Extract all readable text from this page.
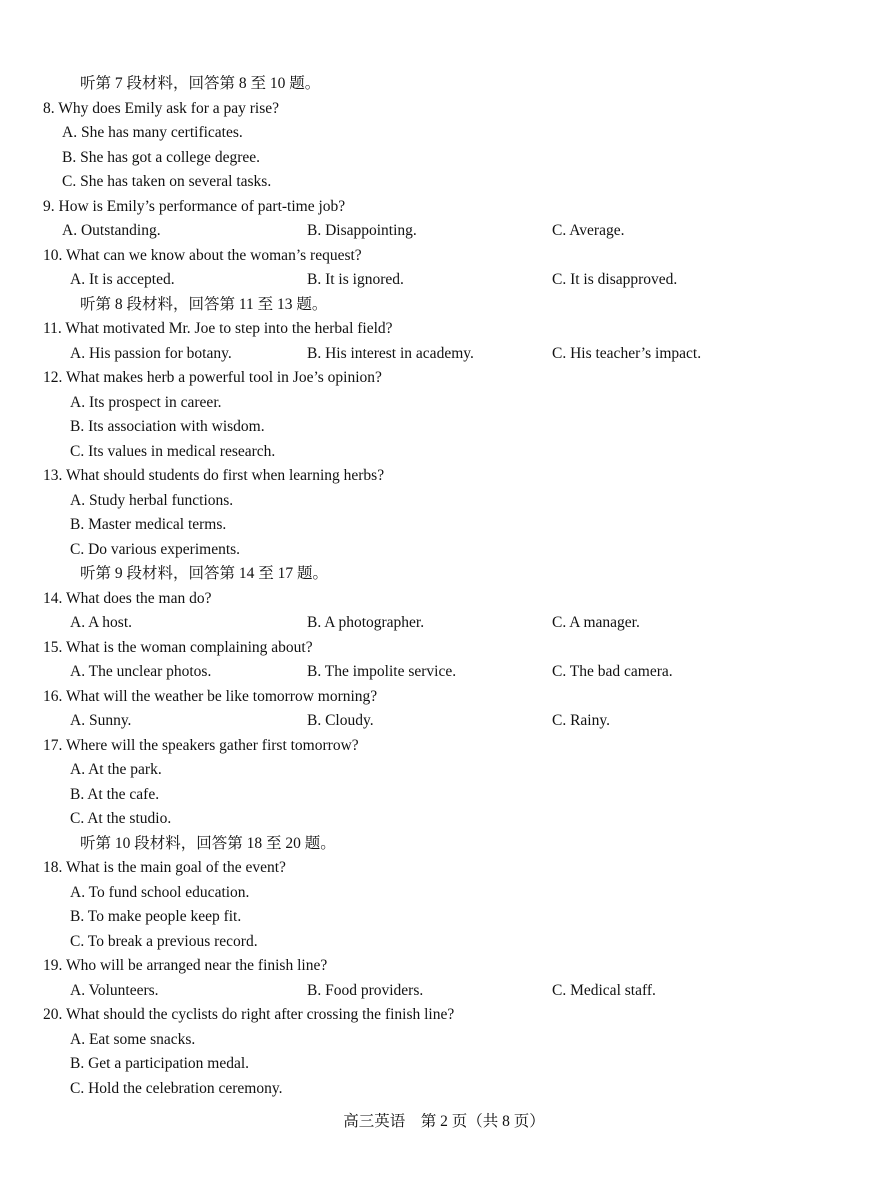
听第 7 段材料，回答第 8 至 10 题。
8. Why does Emily ask for a pay rise?
A. She has many certificates.
B. She has got a college degree.
C. She has taken on several tasks.
9. How is Emily’s performance of part-time job?
A. Outstanding.	B. Disappointing.	C. Average.
10. What can we know about the woman’s request?
A. It is accepted.	B. It is ignored.	C. It is disapproved.
听第 8 段材料，回答第 11 至 13 题。
11. What motivated Mr. Joe to step into the herbal field?
A. His passion for botany.	B. His interest in academy.	C. His teacher’s impact.
12. What makes herb a powerful tool in Joe’s opinion?
A. Its prospect in career.
B. Its association with wisdom.
C. Its values in medical research.
13. What should students do first when learning herbs?
A. Study herbal functions.
B. Master medical terms.
C. Do various experiments.
听第 9 段材料，回答第 14 至 17 题。
14. What does the man do?
A. A host.	B. A photographer.	C. A manager.
15. What is the woman complaining about?
A. The unclear photos.	B. The impolite service.	C. The bad camera.
16. What will the weather be like tomorrow morning?
A. Sunny.	B. Cloudy.	C. Rainy.
17. Where will the speakers gather first tomorrow?
A. At the park.
B. At the cafe.
C. At the studio.
听第 10 段材料，回答第 18 至 20 题。
18. What is the main goal of the event?
A. To fund school education.
B. To make people keep fit.
C. To break a previous record.
19. Who will be arranged near the finish line?
A. Volunteers.	B. Food providers.	C. Medical staff.
20. What should the cyclists do right after crossing the finish line?
A. Eat some snacks.
B. Get a participation medal.
C. Hold the celebration ceremony.
高三英语　第 2 页（共 8 页）
